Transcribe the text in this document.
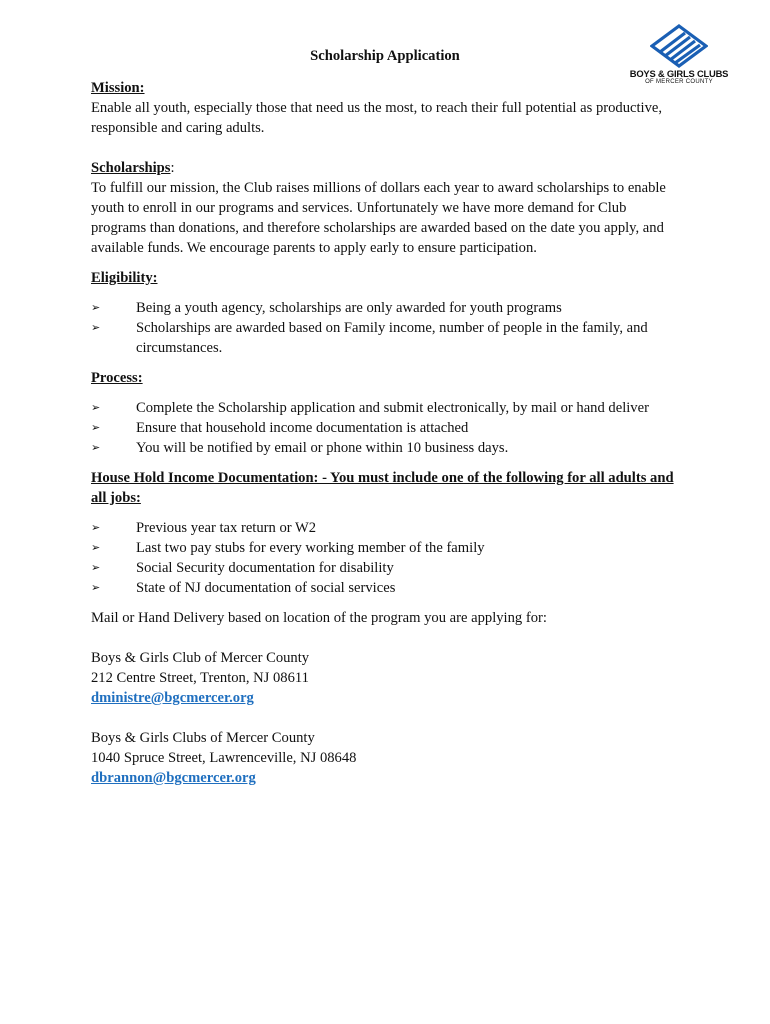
Scholarship Application
BOYS & GIRLS CLUBS
OF MERCER COUNTY
Mission:

Enable all youth, especially those that need us the most, to reach their full potential as productive, responsible and caring adults.

Scholarships:

To fulfill our mission, the Club raises millions of dollars each year to award scholarships to enable youth to enroll in our programs and services. Unfortunately we have more demand for Club programs than donations, and therefore scholarships are awarded based on the date you apply, and available funds. We encourage parents to apply early to ensure participation.

Eligibility:
➢ Being a youth agency, scholarships are only awarded for youth programs
➢ Scholarships are awarded based on Family income, number of people in the family, and circumstances.
Process:
➢ Complete the Scholarship application and submit electronically, by mail or hand deliver
➢ Ensure that household income documentation is attached
➢ You will be notified by email or phone within 10 business days.
House Hold Income Documentation: - You must include one of the following for all adults and all jobs:
➢ Previous year tax return or W2
➢ Last two pay stubs for every working member of the family
➢ Social Security documentation for disability
➢ State of NJ documentation of social services

Mail or Hand Delivery based on location of the program you are applying for:

Boys & Girls Club of Mercer County

212 Centre Street, Trenton, NJ 08611

dministre@bgcmercer.org

Boys & Girls Clubs of Mercer County

1040 Spruce Street, Lawrenceville, NJ 08648

dbrannon@bgcmercer.org
